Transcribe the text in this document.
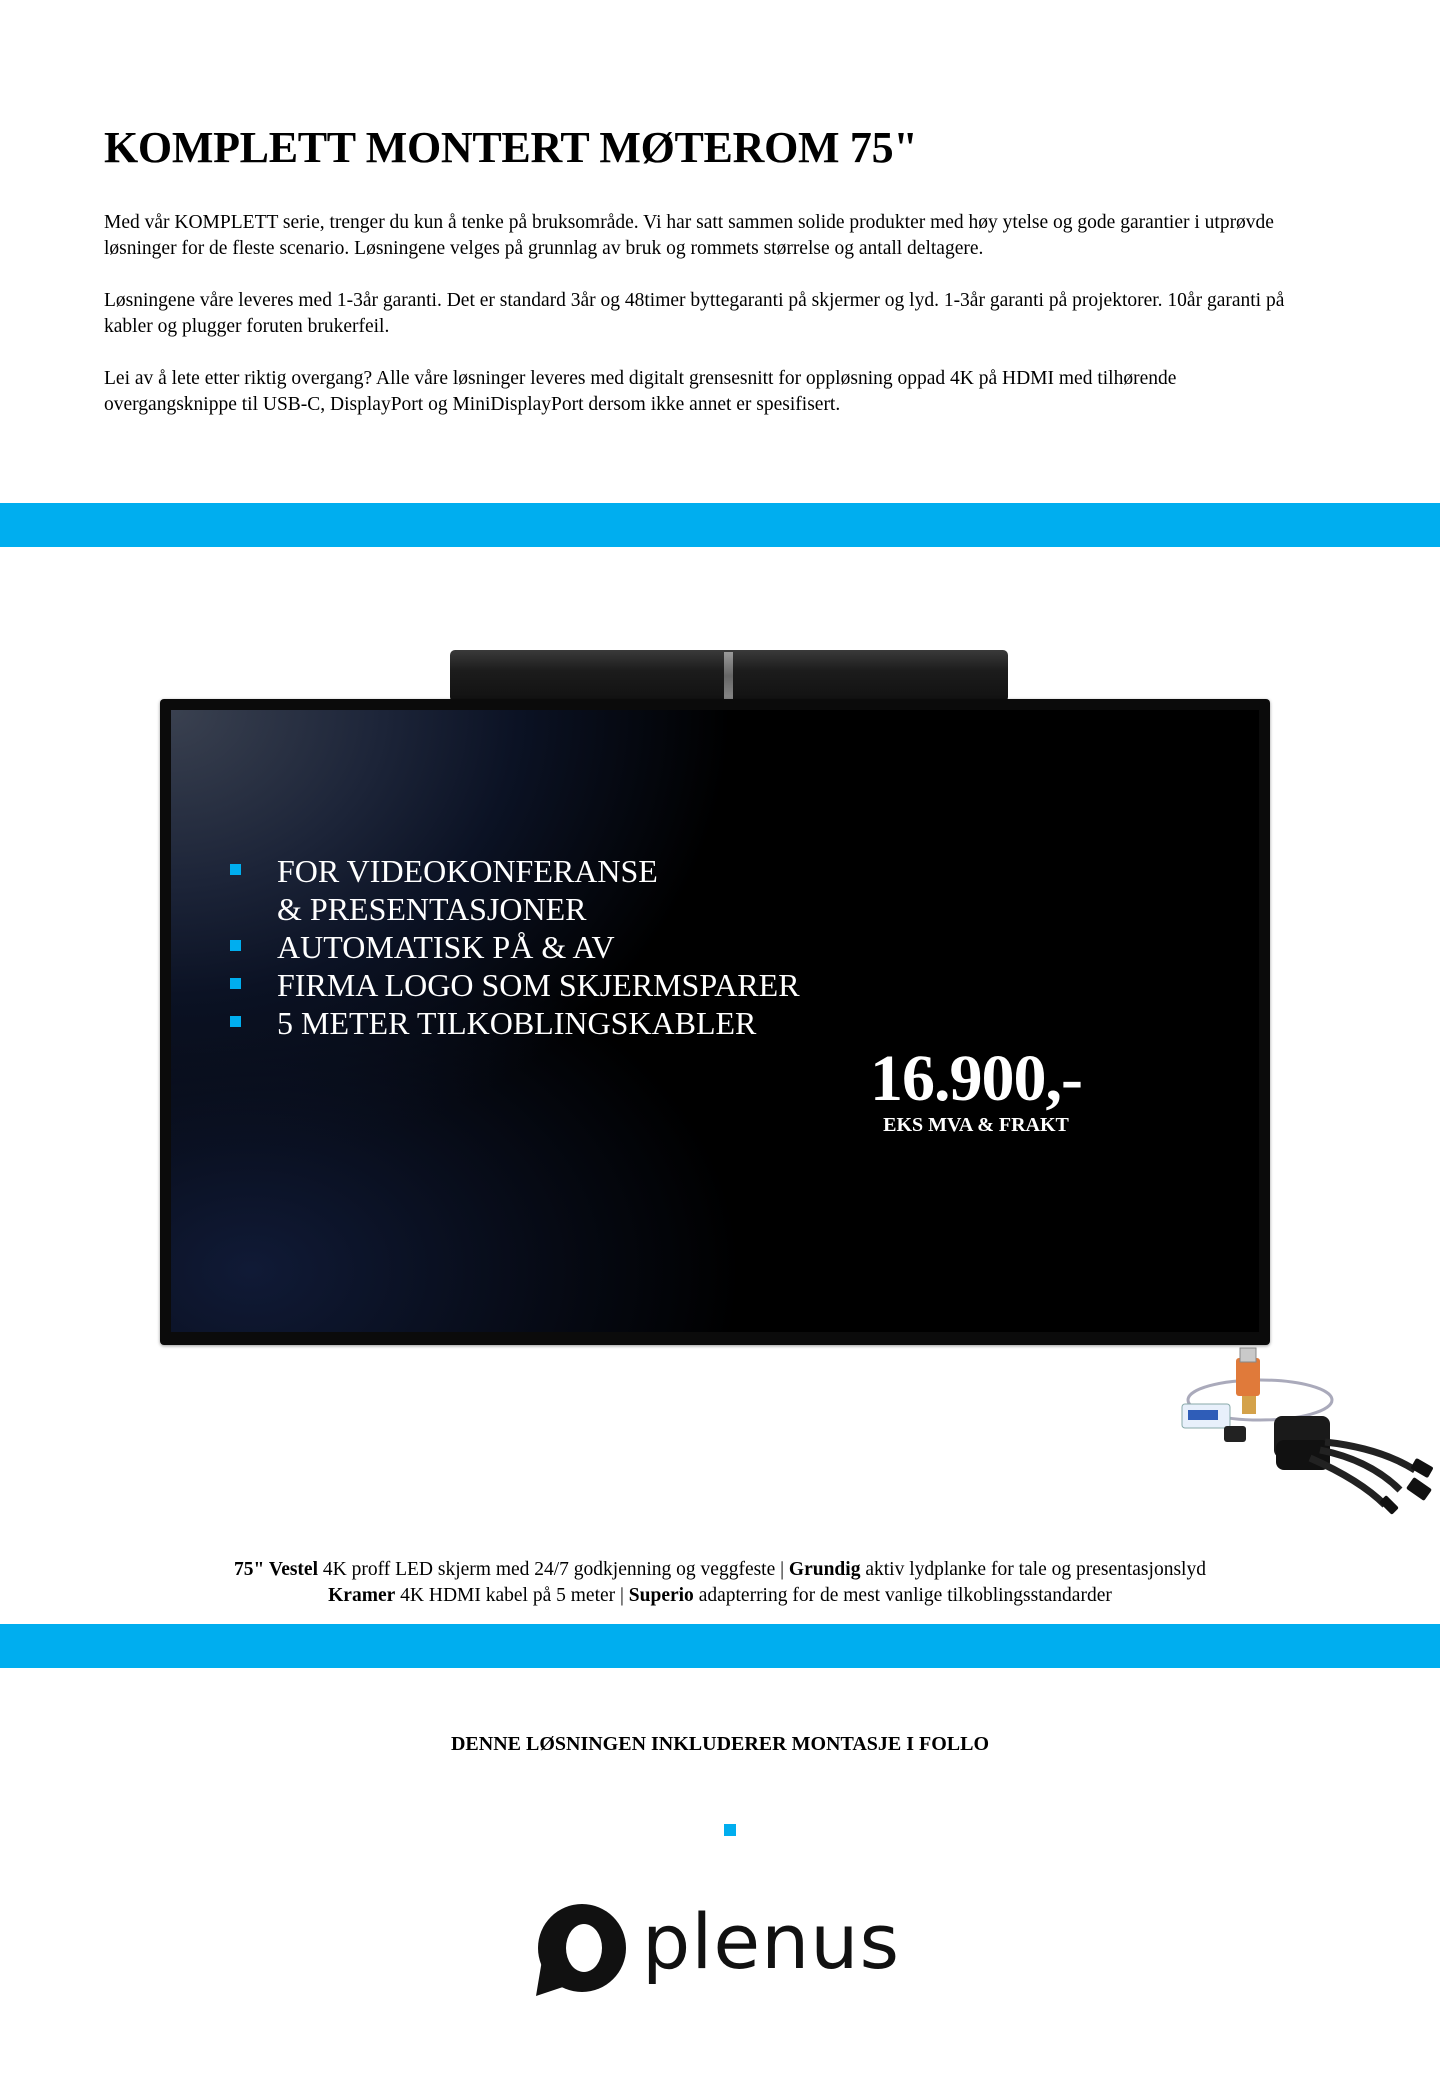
KOMPLETT MONTERT MØTEROM 75"

Med vår KOMPLETT serie, trenger du kun å tenke på bruksområde. Vi har satt sammen solide produkter med høy ytelse og gode garantier i utprøvde løsninger for de fleste scenario. Løsningene velges på grunnlag av bruk og rommets størrelse og antall deltagere.

Løsningene våre leveres med 1-3år garanti. Det er standard 3år og 48timer byttegaranti på skjermer og lyd. 1-3år garanti på projektorer. 10år garanti på kabler og plugger foruten brukerfeil.

Lei av å lete etter riktig overgang? Alle våre løsninger leveres med digitalt grensesnitt for oppløsning oppad 4K på HDMI med tilhørende overgangsknippe til USB-C, DisplayPort og MiniDisplayPort dersom ikke annet er spesifisert.

FOR VIDEOKONFERANSE
& PRESENTASJONER
AUTOMATISK PÅ & AV
FIRMA LOGO SOM SKJERMSPARER
5 METER TILKOBLINGSKABLER
16.900,-
EKS MVA & FRAKT
75" Vestel 4K proff LED skjerm med 24/7 godkjenning og veggfeste | Grundig aktiv lydplanke for tale og presentasjonslyd
Kramer 4K HDMI kabel på 5 meter | Superio adapterring for de mest vanlige tilkoblingsstandarder
DENNE LØSNINGEN INKLUDERER MONTASJE I FOLLO
plenus
